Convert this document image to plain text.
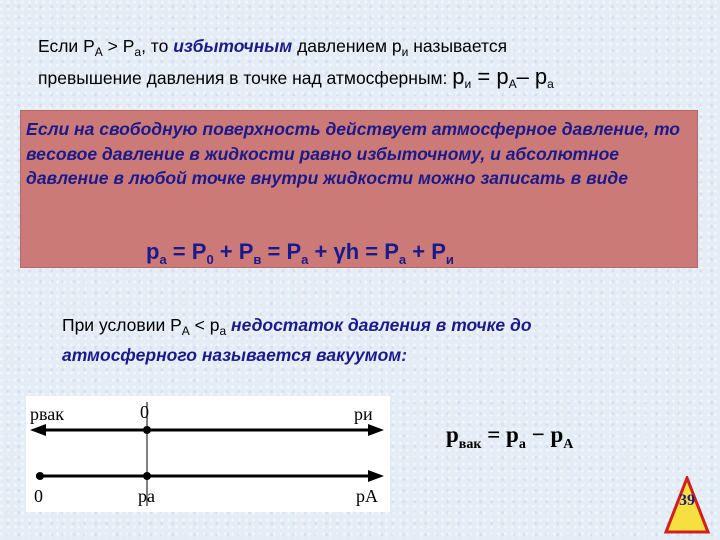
Если $P_A > P_a$, то избыточным давлением $р_и$ называется
превышение давления в точке над атмосферным: $р_и = р_A-$ $р_a$
Если на свободную поверхность действует атмосферное давление, то весовое давление в жидкости равно избыточному, и абсолютное давление в любой точке внутри жидкости можно записать в виде
$р_а = Р_0 + Р_в = Р_а + \gamma h = Р_а + Р_и$
При условии $Р_А < р_а$ недостаток давления в точке до атмосферного называется вакуумом:
pвак	0	pи
0	pa	pA
$p_{вак} = p_a - p_A$
39
